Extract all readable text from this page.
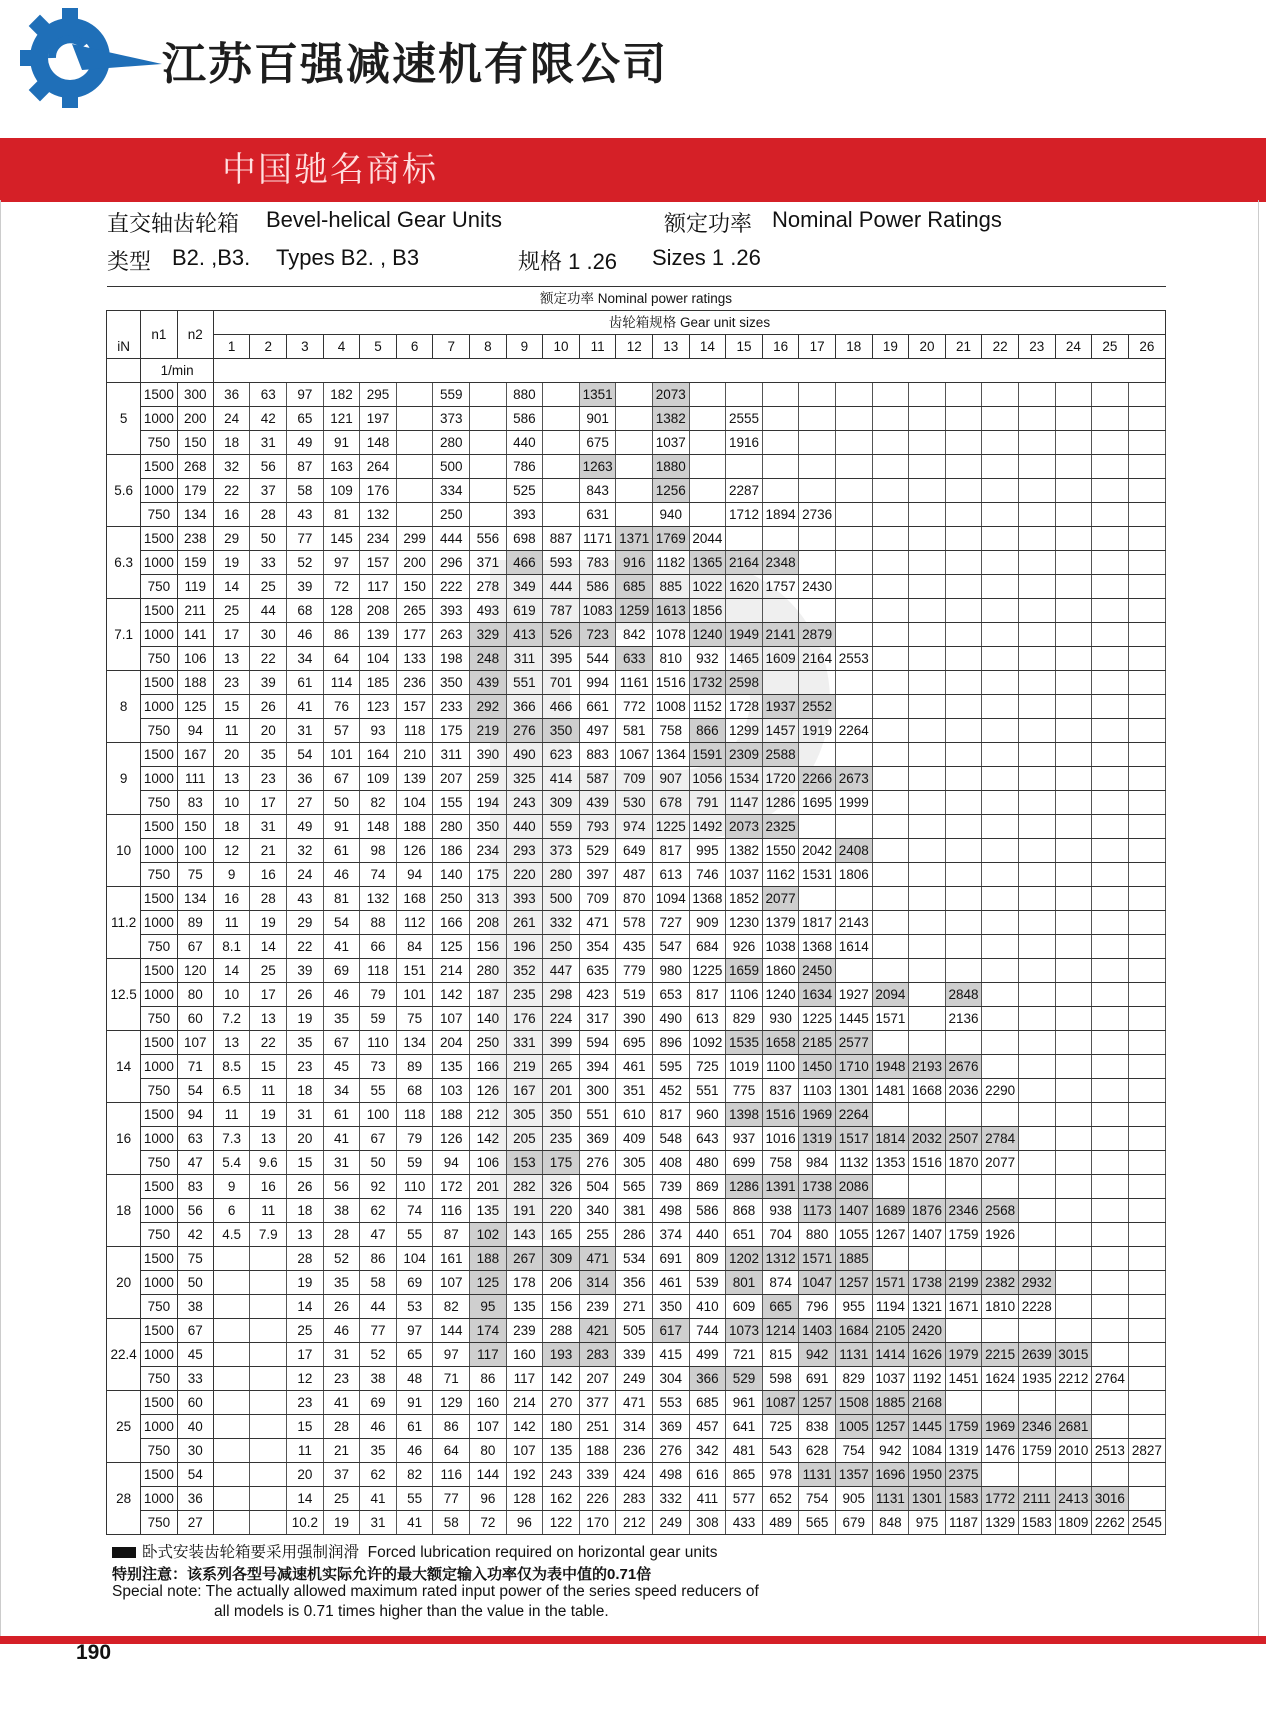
江苏百强减速机有限公司
中国驰名商标
直交轴齿轮箱 Bevel-helical Gear Units	额定功率 Nominal Power Ratings
类型 B2. ,B3. Types B2. , B3	规格 1 .26 Sizes 1 .26
额定功率 Nominal power ratings																												
iN	n1	n2	齿轮箱规格 Gear unit sizes																									
			1	2	3	4	5	6	7	8	9	10	11	12	13	14	15	16	17	18	19	20	21	22	23	24	25	26
	1/min																											
5	1500	300	36	63	97	182	295		559		880		1351		2073													
	1000	200	24	42	65	121	197		373		586		901		1382		2555											
	750	150	18	31	49	91	148		280		440		675		1037		1916											
5.6	1500	268	32	56	87	163	264		500		786		1263		1880													
	1000	179	22	37	58	109	176		334		525		843		1256		2287											
	750	134	16	28	43	81	132		250		393		631		940		1712	1894	2736									
6.3	1500	238	29	50	77	145	234	299	444	556	698	887	1171	1371	1769	2044												
	1000	159	19	33	52	97	157	200	296	371	466	593	783	916	1182	1365	2164	2348										
	750	119	14	25	39	72	117	150	222	278	349	444	586	685	885	1022	1620	1757	2430									
7.1	1500	211	25	44	68	128	208	265	393	493	619	787	1083	1259	1613	1856												
	1000	141	17	30	46	86	139	177	263	329	413	526	723	842	1078	1240	1949	2141	2879									
	750	106	13	22	34	64	104	133	198	248	311	395	544	633	810	932	1465	1609	2164	2553								
8	1500	188	23	39	61	114	185	236	350	439	551	701	994	1161	1516	1732	2598											
	1000	125	15	26	41	76	123	157	233	292	366	466	661	772	1008	1152	1728	1937	2552									
	750	94	11	20	31	57	93	118	175	219	276	350	497	581	758	866	1299	1457	1919	2264								
9	1500	167	20	35	54	101	164	210	311	390	490	623	883	1067	1364	1591	2309	2588										
	1000	111	13	23	36	67	109	139	207	259	325	414	587	709	907	1056	1534	1720	2266	2673								
	750	83	10	17	27	50	82	104	155	194	243	309	439	530	678	791	1147	1286	1695	1999								
10	1500	150	18	31	49	91	148	188	280	350	440	559	793	974	1225	1492	2073	2325										
	1000	100	12	21	32	61	98	126	186	234	293	373	529	649	817	995	1382	1550	2042	2408								
	750	75	9	16	24	46	74	94	140	175	220	280	397	487	613	746	1037	1162	1531	1806								
11.2	1500	134	16	28	43	81	132	168	250	313	393	500	709	870	1094	1368	1852	2077										
	1000	89	11	19	29	54	88	112	166	208	261	332	471	578	727	909	1230	1379	1817	2143								
	750	67	8.1	14	22	41	66	84	125	156	196	250	354	435	547	684	926	1038	1368	1614								
12.5	1500	120	14	25	39	69	118	151	214	280	352	447	635	779	980	1225	1659	1860	2450									
	1000	80	10	17	26	46	79	101	142	187	235	298	423	519	653	817	1106	1240	1634	1927	2094		2848					
	750	60	7.2	13	19	35	59	75	107	140	176	224	317	390	490	613	829	930	1225	1445	1571		2136					
14	1500	107	13	22	35	67	110	134	204	250	331	399	594	695	896	1092	1535	1658	2185	2577								
	1000	71	8.5	15	23	45	73	89	135	166	219	265	394	461	595	725	1019	1100	1450	1710	1948	2193	2676					
	750	54	6.5	11	18	34	55	68	103	126	167	201	300	351	452	551	775	837	1103	1301	1481	1668	2036	2290				
16	1500	94	11	19	31	61	100	118	188	212	305	350	551	610	817	960	1398	1516	1969	2264								
	1000	63	7.3	13	20	41	67	79	126	142	205	235	369	409	548	643	937	1016	1319	1517	1814	2032	2507	2784				
	750	47	5.4	9.6	15	31	50	59	94	106	153	175	276	305	408	480	699	758	984	1132	1353	1516	1870	2077				
18	1500	83	9	16	26	56	92	110	172	201	282	326	504	565	739	869	1286	1391	1738	2086								
	1000	56	6	11	18	38	62	74	116	135	191	220	340	381	498	586	868	938	1173	1407	1689	1876	2346	2568				
	750	42	4.5	7.9	13	28	47	55	87	102	143	165	255	286	374	440	651	704	880	1055	1267	1407	1759	1926				
20	1500	75			28	52	86	104	161	188	267	309	471	534	691	809	1202	1312	1571	1885								
	1000	50			19	35	58	69	107	125	178	206	314	356	461	539	801	874	1047	1257	1571	1738	2199	2382	2932			
	750	38			14	26	44	53	82	95	135	156	239	271	350	410	609	665	796	955	1194	1321	1671	1810	2228			
22.4	1500	67			25	46	77	97	144	174	239	288	421	505	617	744	1073	1214	1403	1684	2105	2420						
	1000	45			17	31	52	65	97	117	160	193	283	339	415	499	721	815	942	1131	1414	1626	1979	2215	2639	3015		
	750	33			12	23	38	48	71	86	117	142	207	249	304	366	529	598	691	829	1037	1192	1451	1624	1935	2212	2764	
25	1500	60			23	41	69	91	129	160	214	270	377	471	553	685	961	1087	1257	1508	1885	2168						
	1000	40			15	28	46	61	86	107	142	180	251	314	369	457	641	725	838	1005	1257	1445	1759	1969	2346	2681		
	750	30			11	21	35	46	64	80	107	135	188	236	276	342	481	543	628	754	942	1084	1319	1476	1759	2010	2513	2827
28	1500	54			20	37	62	82	116	144	192	243	339	424	498	616	865	978	1131	1357	1696	1950	2375					
	1000	36			14	25	41	55	77	96	128	162	226	283	332	411	577	652	754	905	1131	1301	1583	1772	2111	2413	3016	
	750	27			10.2	19	31	41	58	72	96	122	170	212	249	308	433	489	565	679	848	975	1187	1329	1583	1809	2262	2545
卧式安装齿轮箱要采用强制润滑 Forced lubrication required on horizontal gear units
特别注意：该系列各型号减速机实际允许的最大额定输入功率仅为表中值的0.71倍
Special note: The actually allowed maximum rated input power of the series speed reducers of
all models is 0.71 times higher than the value in the table.
190
